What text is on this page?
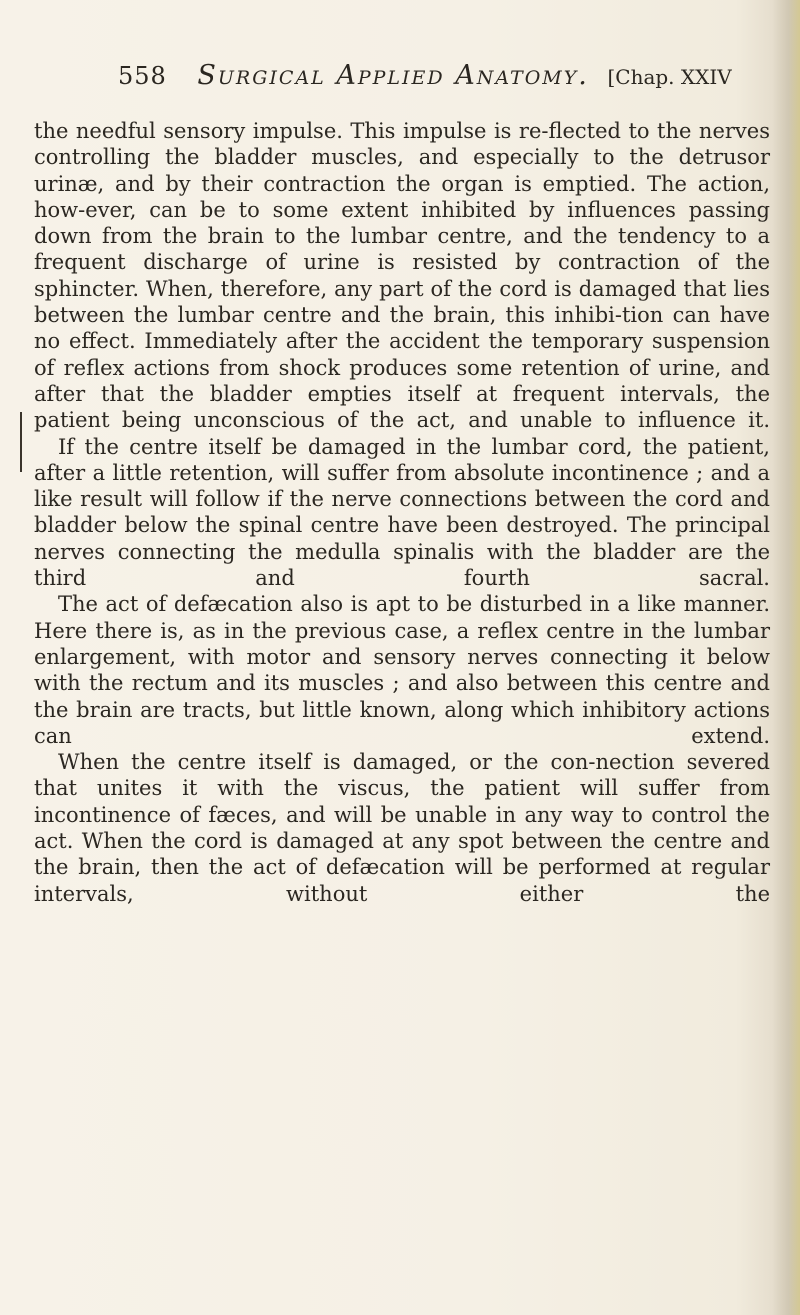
558 Surgical Applied Anatomy. [Chap. XXIV

the needful sensory impulse. This impulse is re-flected to the nerves controlling the bladder muscles, and especially to the detrusor urinæ, and by their contraction the organ is emptied. The action, how-ever, can be to some extent inhibited by influences passing down from the brain to the lumbar centre, and the tendency to a frequent discharge of urine is resisted by contraction of the sphincter. When, therefore, any part of the cord is damaged that lies between the lumbar centre and the brain, this inhibi-tion can have no effect. Immediately after the accident the temporary suspension of reflex actions from shock produces some retention of urine, and after that the bladder empties itself at frequent intervals, the patient being unconscious of the act, and unable to influence it.

If the centre itself be damaged in the lumbar cord, the patient, after a little retention, will suffer from absolute incontinence ; and a like result will follow if the nerve connections between the cord and bladder below the spinal centre have been destroyed. The principal nerves connecting the medulla spinalis with the bladder are the third and fourth sacral.

The act of defæcation also is apt to be disturbed in a like manner. Here there is, as in the previous case, a reflex centre in the lumbar enlargement, with motor and sensory nerves connecting it below with the rectum and its muscles ; and also between this centre and the brain are tracts, but little known, along which inhibitory actions can extend.

When the centre itself is damaged, or the con-nection severed that unites it with the viscus, the patient will suffer from incontinence of fæces, and will be unable in any way to control the act. When the cord is damaged at any spot between the centre and the brain, then the act of defæcation will be performed at regular intervals, without either the
